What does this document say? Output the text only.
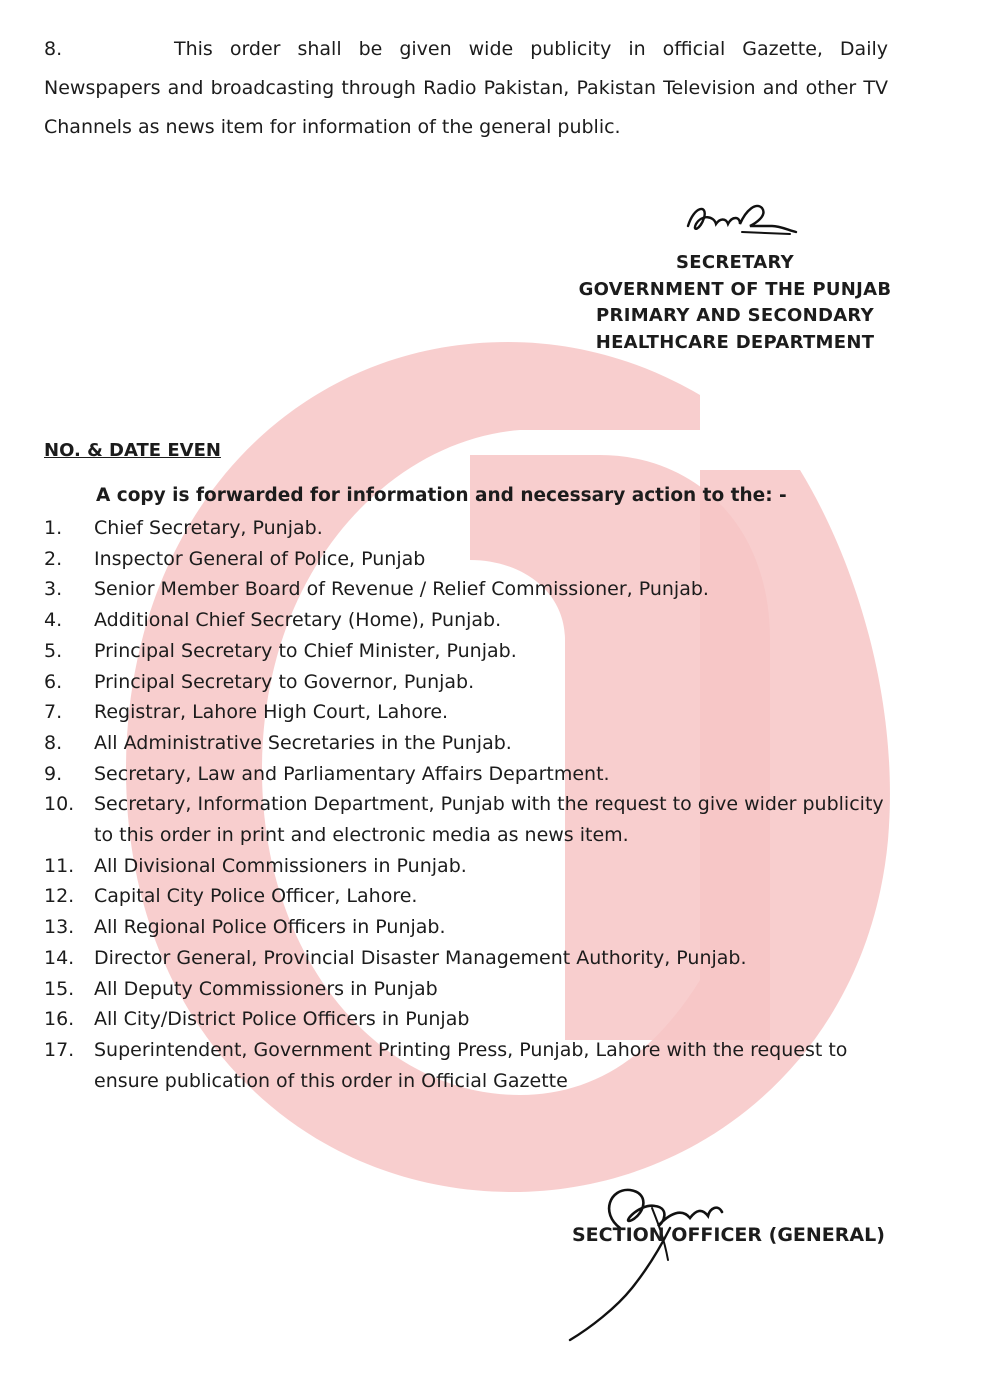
8.	This order shall be given wide publicity in official Gazette, Daily Newspapers and broadcasting through Radio Pakistan, Pakistan Television and other TV Channels as news item for information of the general public.
SECRETARY
GOVERNMENT OF THE PUNJAB
PRIMARY AND SECONDARY
HEALTHCARE DEPARTMENT
NO. & DATE EVEN
A copy is forwarded for information and necessary action to the: -
1. Chief Secretary, Punjab.
2. Inspector General of Police, Punjab
3. Senior Member Board of Revenue / Relief Commissioner, Punjab.
4. Additional Chief Secretary (Home), Punjab.
5. Principal Secretary to Chief Minister, Punjab.
6. Principal Secretary to Governor, Punjab.
7. Registrar, Lahore High Court, Lahore.
8. All Administrative Secretaries in the Punjab.
9. Secretary, Law and Parliamentary Affairs Department.
10. Secretary, Information Department, Punjab with the request to give wider publicity to this order in print and electronic media as news item.
11. All Divisional Commissioners in Punjab.
12. Capital City Police Officer, Lahore.
13. All Regional Police Officers in Punjab.
14. Director General, Provincial Disaster Management Authority, Punjab.
15. All Deputy Commissioners in Punjab
16. All City/District Police Officers in Punjab
17. Superintendent, Government Printing Press, Punjab, Lahore with the request to ensure publication of this order in Official Gazette
SECTION OFFICER (GENERAL)
